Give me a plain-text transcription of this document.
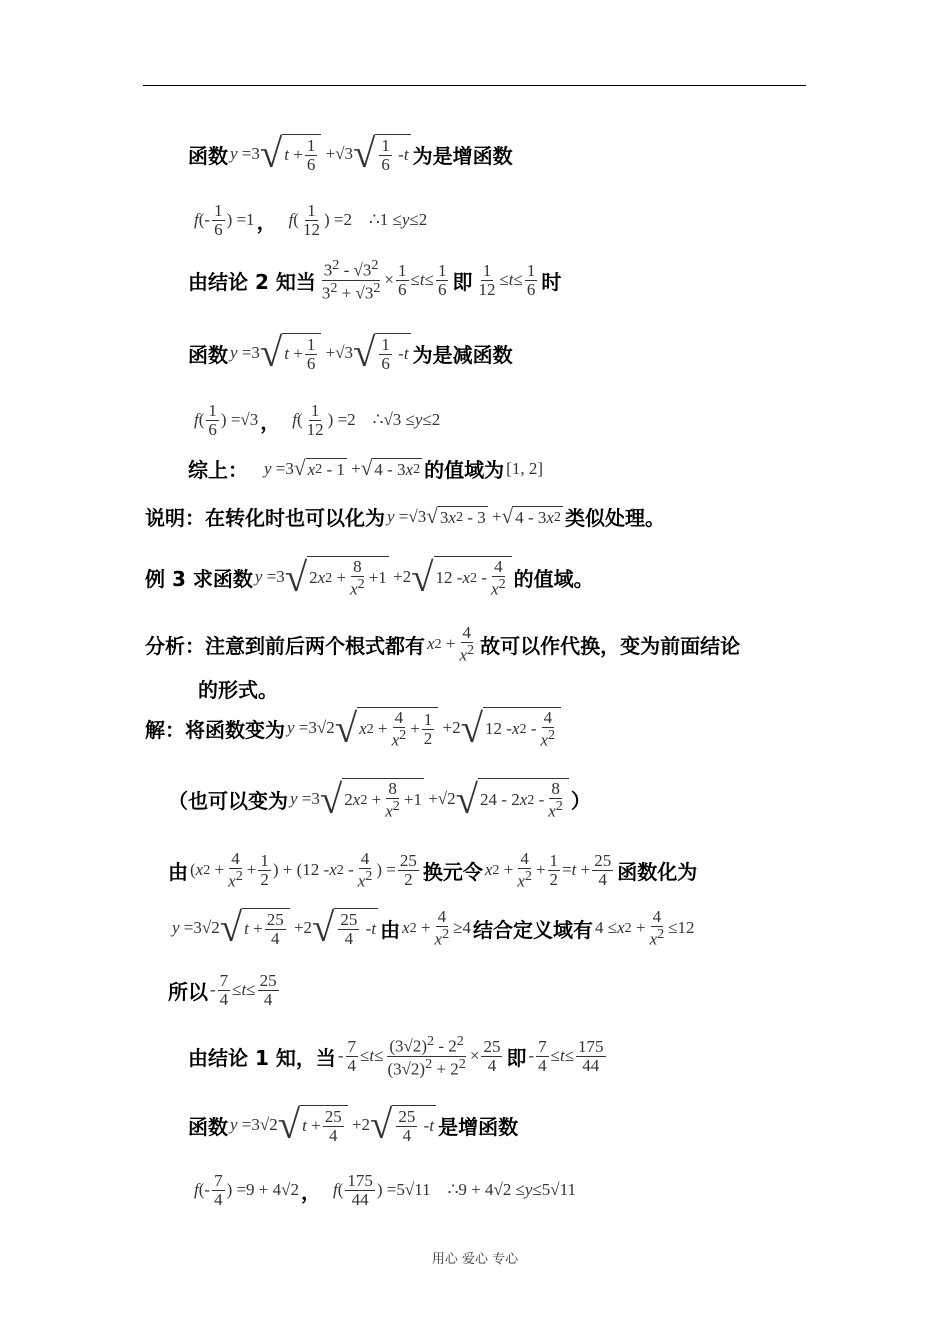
函数 y =3 √ $t + \frac{1}{6} +√3$ √ $\frac{1}{6}$ - t 为是增函数
f (- $\frac{1}{6}$ ) =1 ， f ( $\frac{1}{12}$ ) =2    ∴1 ≤ y ≤2
由结论 2 知当 $\frac{3^2 - √3^2}{3^2 + √3^2} \times \frac{1}{6} \le t \le \frac{1}{6}$ 即 $\frac{1}{12} \le t \le \frac{1}{6}$ 时
函数 y =3 √ $t + \frac{1}{6} +√3$ √ $\frac{1}{6}$ - t 为是减函数
f ( $\frac{1}{6}$ ) =√3 ， f ( $\frac{1}{12}$ ) =2    ∴√3 ≤ y ≤2
综上： y =3 √ x 2 - 1 + √ 4 - 3 x 2 的值域为 [1, 2]
说明：在转化时也可以化为 y =√3 √ 3 x 2 - 3 + √ 4 - 3 x 2 类似处理。
例 3 求函数 y =3 √ 2 x $2 + \frac{8}{x^2} +1 +2$ √ 12 - x $2 - \frac{4}{x^2}$ 的值域。
分析：注意到前后两个根式都有 x $2 + \frac{4}{x^2}$ 故可以作代换，变为前面结论
的形式。
解：将函数变为 y =3√2 √ x $2 + \frac{4}{x^2} + \frac{1}{2} +2$ √ 12 - x $2 - \frac{4}{x^2}$
（也可以变为 y =3 √ 2 x $2 + \frac{8}{x^2} +1 +√2$ √ 24 - 2 x $2 - \frac{8}{x^2}$ ）
由 ( x $2 + \frac{4}{x^2} + \frac{1}{2}$ ) + (12 - x $2 - \frac{4}{x^2}$ ) = $\frac{25}{2}$ 换元令 x $2 + \frac{4}{x^2} + \frac{1}{2} = t + \frac{25}{4}$ 函数化为
y =3√2 √ $t + \frac{25}{4} +2$ √ $\frac{25}{4}$ - t 由 x $2 + \frac{4}{x^2} \ge 4$ 结合定义域有 4 ≤ x $2 + \frac{4}{x^2} \le 12$
所以 - $\frac{7}{4} \le t \le \frac{25}{4}$
由结论 1 知，当 - $\frac{7}{4} \le t \le \frac{(3√2)^2 - 2^2}{(3√2)^2 + 2^2} \times \frac{25}{4}$ 即 - $\frac{7}{4} \le t \le \frac{175}{44}$
函数 y =3√2 √ $t + \frac{25}{4} +2$ √ $\frac{25}{4}$ - t 是增函数
f (- $\frac{7}{4}$ ) =9 + 4√2 ， f ( $\frac{175}{44}$ ) =5√11    ∴9 + 4√2 ≤ y ≤5√11
用心 爱心 专心
